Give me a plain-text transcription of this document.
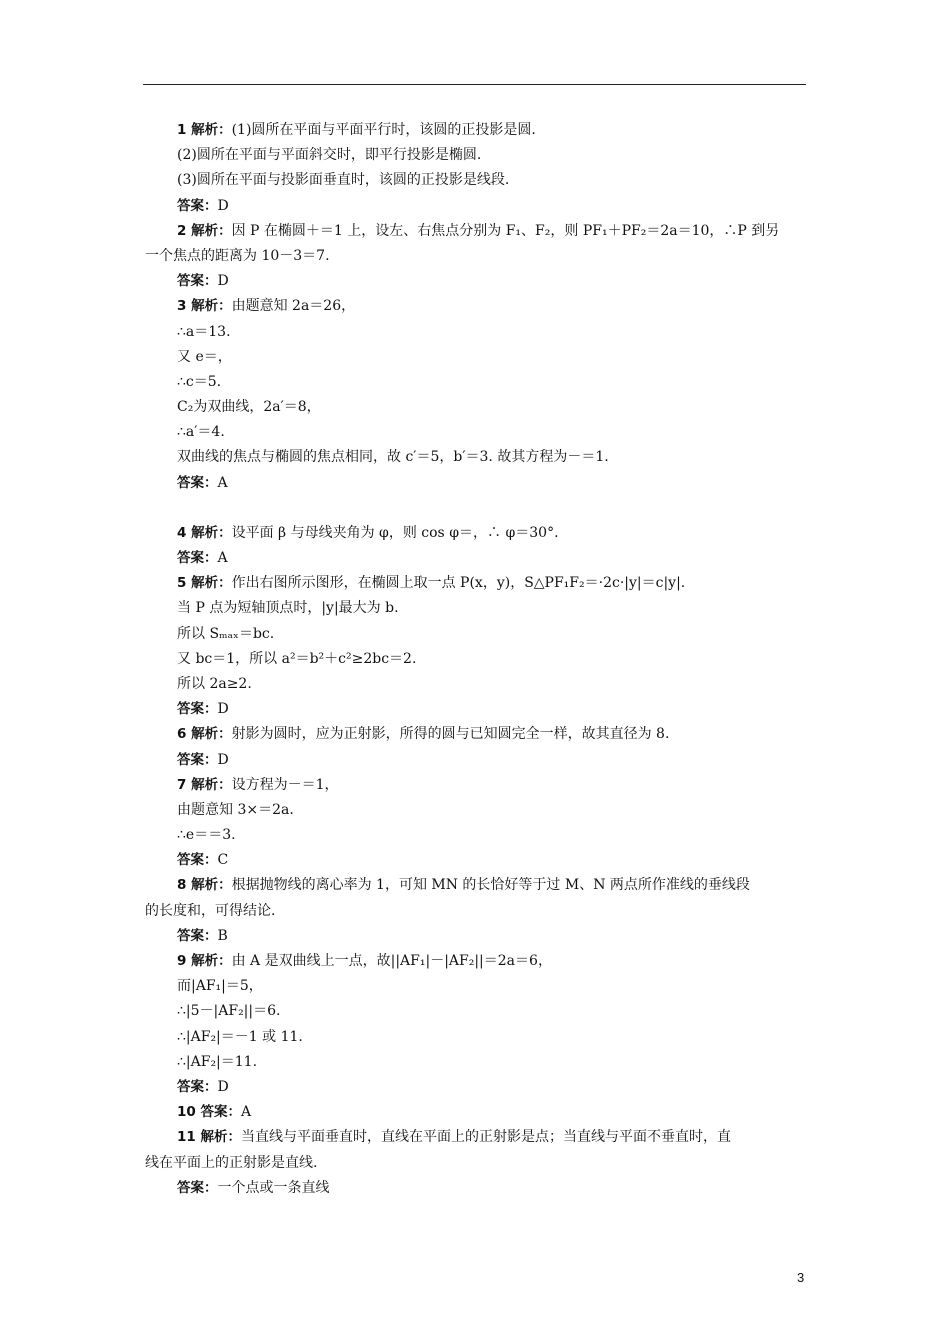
1 解析：(1)圆所在平面与平面平行时，该圆的正投影是圆.
(2)圆所在平面与平面斜交时，即平行投影是椭圆.
(3)圆所在平面与投影面垂直时，该圆的正投影是线段.
答案：D
2 解析：因 P 在椭圆＋＝1 上，设左、右焦点分别为 F₁、F₂，则 PF₁＋PF₂＝2a＝10，∴P 到另
一个焦点的距离为 10－3＝7.
答案：D
3 解析：由题意知 2a＝26，
∴a＝13.
又 e＝，
∴c＝5.
C₂为双曲线，2a′＝8，
∴a′＝4.
双曲线的焦点与椭圆的焦点相同，故 c′＝5，b′＝3. 故其方程为－＝1.
答案：A
4 解析：设平面 β 与母线夹角为 φ，则 cos φ＝，∴ φ＝30°.
答案：A
5 解析：作出右图所示图形，在椭圆上取一点 P(x，y)，S△PF₁F₂＝·2c·|y|＝c|y|.
当 P 点为短轴顶点时，|y|最大为 b.
所以 Sₘₐₓ＝bc.
又 bc＝1，所以 a²＝b²＋c²≥2bc＝2.
所以 2a≥2.
答案：D
6 解析：射影为圆时，应为正射影，所得的圆与已知圆完全一样，故其直径为 8.
答案：D
7 解析：设方程为－＝1，
由题意知 3×＝2a.
∴e＝＝3.
答案：C
8 解析：根据抛物线的离心率为 1，可知 MN 的长恰好等于过 M、N 两点所作准线的垂线段
的长度和，可得结论.
答案：B
9 解析：由 A 是双曲线上一点，故||AF₁|－|AF₂||＝2a＝6，
而|AF₁|＝5，
∴|5－|AF₂||＝6.
∴|AF₂|＝－1 或 11.
∴|AF₂|＝11.
答案：D
10 答案：A
11 解析：当直线与平面垂直时，直线在平面上的正射影是点；当直线与平面不垂直时，直
线在平面上的正射影是直线.
答案：一个点或一条直线
3
